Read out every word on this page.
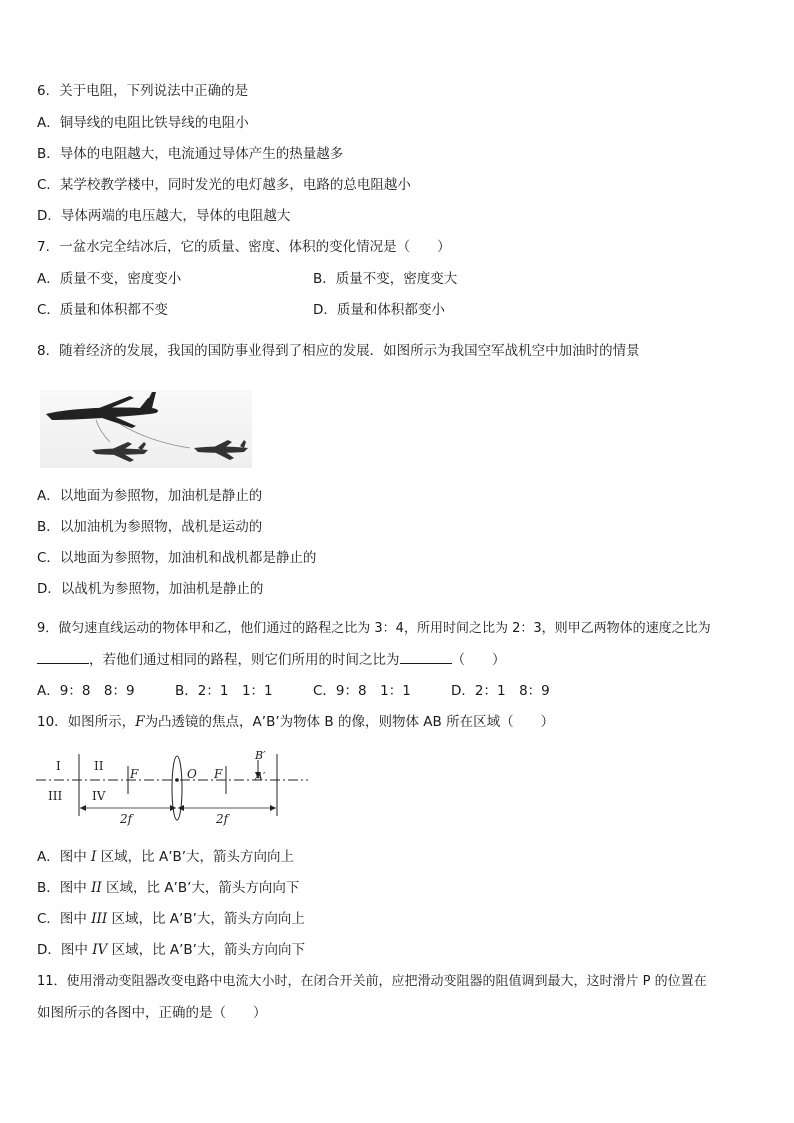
6．关于电阻，下列说法中正确的是
A．铜导线的电阻比铁导线的电阻小
B．导体的电阻越大，电流通过导体产生的热量越多
C．某学校教学楼中，同时发光的电灯越多，电路的总电阻越小
D．导体两端的电压越大，导体的电阻越大
7．一盆水完全结冰后，它的质量、密度、体积的变化情况是（　　）
A．质量不变，密度变小	B．质量不变，密度变大
C．质量和体积都不变	D．质量和体积都变小
8．随着经济的发展，我国的国防事业得到了相应的发展．如图所示为我国空军战机空中加油时的情景
A．以地面为参照物，加油机是静止的
B．以加油机为参照物，战机是运动的
C．以地面为参照物，加油机和战机都是静止的
D．以战机为参照物，加油机是静止的
9．做匀速直线运动的物体甲和乙，他们通过的路程之比为 3：4，所用时间之比为 2：3，则甲乙两物体的速度之比为
，若他们通过相同的路程，则它们所用的时间之比为	（　　）
A．9：8　8：9	B．2：1　1：1	C．9：8　1：1	D．2：1　8：9
10．如图所示，F为凸透镜的焦点，A’B’为物体 B 的像，则物体 AB 所在区域（　　）
I	II
III IV
F	O F
B′
A′
2f	2f
A．图中 I 区域，比 A’B’大，箭头方向向上
B．图中 II 区域，比 A’B’大，箭头方向向下
C．图中 III 区域，比 A’B’大，箭头方向向上
D．图中 IV 区域，比 A’B’大，箭头方向向下
11．使用滑动变阻器改变电路中电流大小时，在闭合开关前，应把滑动变阻器的阻值调到最大，这时滑片 P 的位置在
如图所示的各图中，正确的是（　　）
